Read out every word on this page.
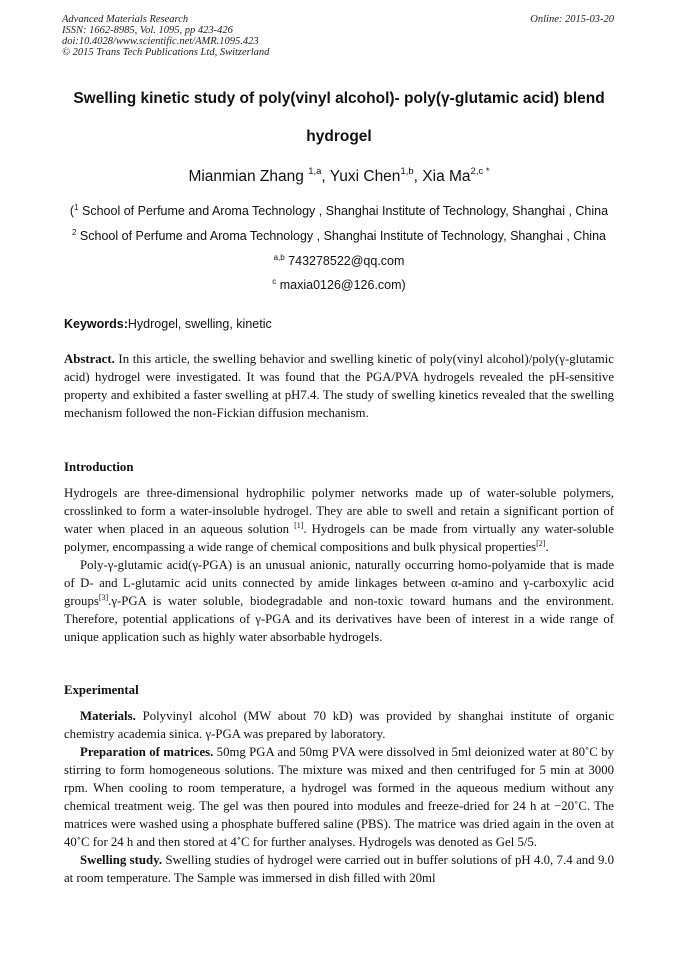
Advanced Materials Research
ISSN: 1662-8985, Vol. 1095, pp 423-426
doi:10.4028/www.scientific.net/AMR.1095.423
© 2015 Trans Tech Publications Ltd, Switzerland
Online: 2015-03-20
Swelling kinetic study of poly(vinyl alcohol)- poly(γ-glutamic acid) blend
hydrogel
Mianmian Zhang $^{1,a}$, Yuxi Chen$^{1,b}$, Xia $Ma^{2,c *}$
($^1$ School of Perfume and Aroma Technology , Shanghai Institute of Technology, Shanghai , China
$^2$ School of Perfume and Aroma Technology , Shanghai Institute of Technology, Shanghai , China
$^{a,b}$ 743278522@qq.com
$^c$ maxia0126@126.com)
Keywords:Hydrogel, swelling, kinetic

Abstract. In this article, the swelling behavior and swelling kinetic of poly(vinyl alcohol)/poly(γ-glutamic acid) hydrogel were investigated. It was found that the PGA/PVA hydrogels revealed the pH-sensitive property and exhibited a faster swelling at pH7.4. The study of swelling kinetics revealed that the swelling mechanism followed the non-Fickian diffusion mechanism.

Introduction

Hydrogels are three-dimensional hydrophilic polymer networks made up of water-soluble polymers, crosslinked to form a water-insoluble hydrogel. They are able to swell and retain a significant portion of water when placed in an aqueous solution [1]. Hydrogels can be made from virtually any water-soluble polymer, encompassing a wide range of chemical compositions and bulk physical properties[2].

Poly-γ-glutamic acid(γ-PGA) is an unusual anionic, naturally occurring homo-polyamide that is made of D- and L-glutamic acid units connected by amide linkages between α-amino and γ-carboxylic acid groups[3].γ-PGA is water soluble, biodegradable and non-toxic toward humans and the environment. Therefore, potential applications of γ-PGA and its derivatives have been of interest in a wide range of unique application such as highly water absorbable hydrogels.

Experimental

Materials. Polyvinyl alcohol (MW about 70 kD) was provided by shanghai institute of organic chemistry academia sinica. γ-PGA was prepared by laboratory.

Preparation of matrices. 50mg PGA and 50mg PVA were dissolved in 5ml deionized water at 80˚C by stirring to form homogeneous solutions. The mixture was mixed and then centrifuged for 5 min at 3000 rpm. When cooling to room temperature, a hydrogel was formed in the aqueous medium without any chemical treatment weig. The gel was then poured into modules and freeze-dried for 24 h at −20˚C. The matrices were washed using a phosphate buffered saline (PBS). The matrice was dried again in the oven at 40˚C for 24 h and then stored at 4˚C for further analyses. Hydrogels was denoted as Gel 5/5.

Swelling study. Swelling studies of hydrogel were carried out in buffer solutions of pH 4.0, 7.4 and 9.0 at room temperature. The Sample was immersed in dish filled with 20ml
